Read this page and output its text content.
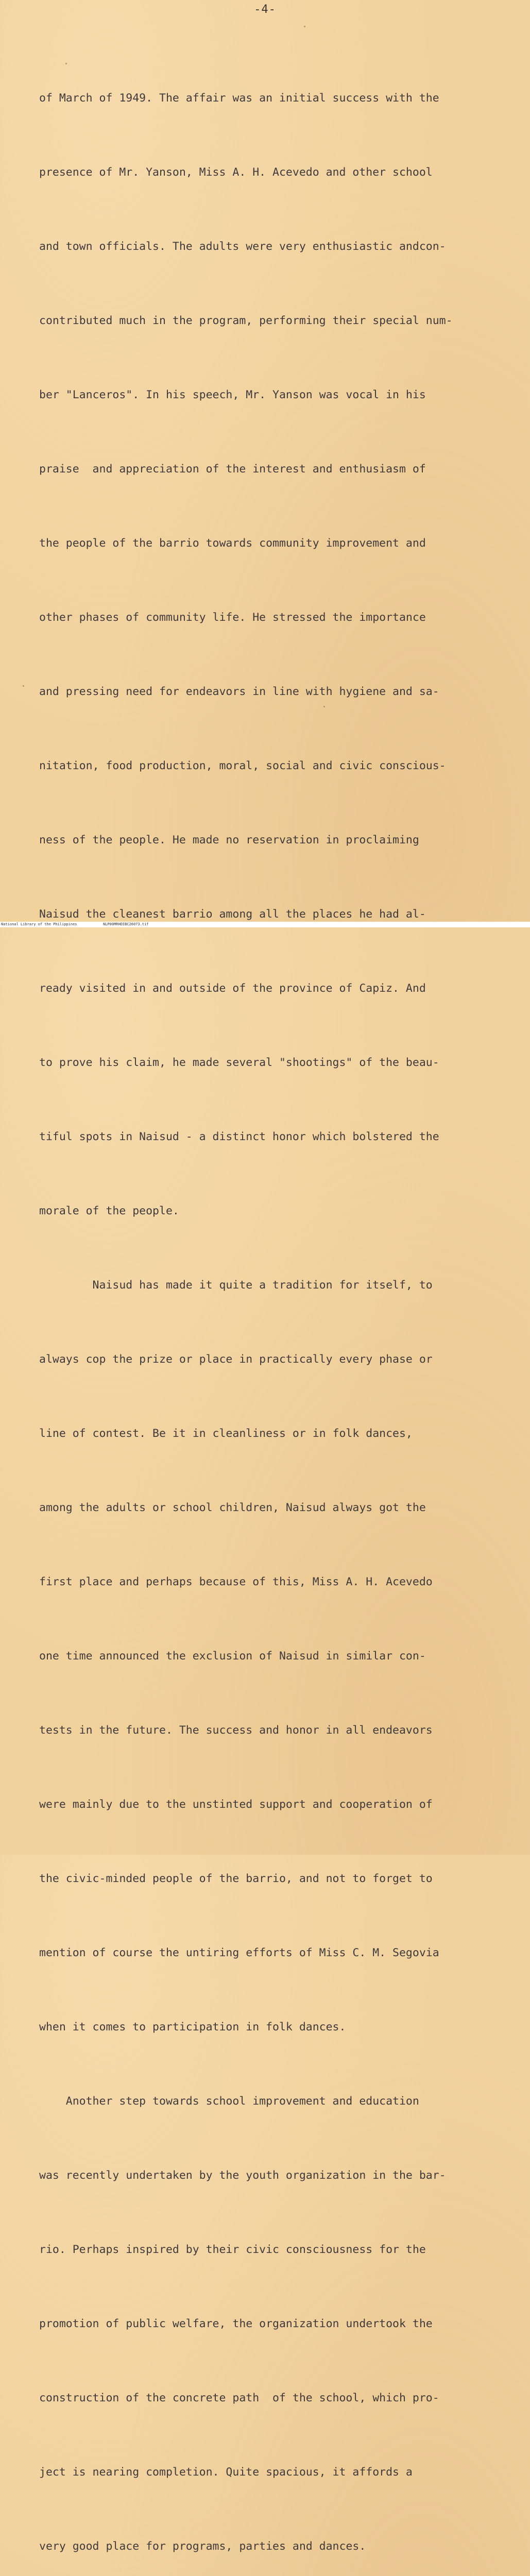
-4-

of March of 1949. The affair was an initial success with the

presence of Mr. Yanson, Miss A. H. Acevedo and other school

and town officials. The adults were very enthusiastic andcon-

contributed much in the program, performing their special num-

ber "Lanceros". In his speech, Mr. Yanson was vocal in his

praise  and appreciation of the interest and enthusiasm of

the people of the barrio towards community improvement and

other phases of community life. He stressed the importance

and pressing need for endeavors in line with hygiene and sa-

nitation, food production, moral, social and civic conscious-

ness of the people. He made no reservation in proclaiming

Naisud the cleanest barrio among all the places he had al-

ready visited in and outside of the province of Capiz. And

to prove his claim, he made several "shootings" of the beau-

tiful spots in Naisud - a distinct honor which bolstered the

morale of the people.

Naisud has made it quite a tradition for itself, to

always cop the prize or place in practically every phase or

line of contest. Be it in cleanliness or in folk dances,

among the adults or school children, Naisud always got the

first place and perhaps because of this, Miss A. H. Acevedo

one time announced the exclusion of Naisud in similar con-

tests in the future. The success and honor in all endeavors

were mainly due to the unstinted support and cooperation of

the civic-minded people of the barrio, and not to forget to

mention of course the untiring efforts of Miss C. M. Segovia

when it comes to participation in folk dances.

Another step towards school improvement and education

was recently undertaken by the youth organization in the bar-

rio. Perhaps inspired by their civic consciousness for the

promotion of public welfare, the organization undertook the

construction of the concrete path  of the school, which pro-

ject is nearing completion. Quite spacious, it affords a

very good place for programs, parties and dances.

National Library of the Philippines	NLP00MRHDIBC26073.tif
